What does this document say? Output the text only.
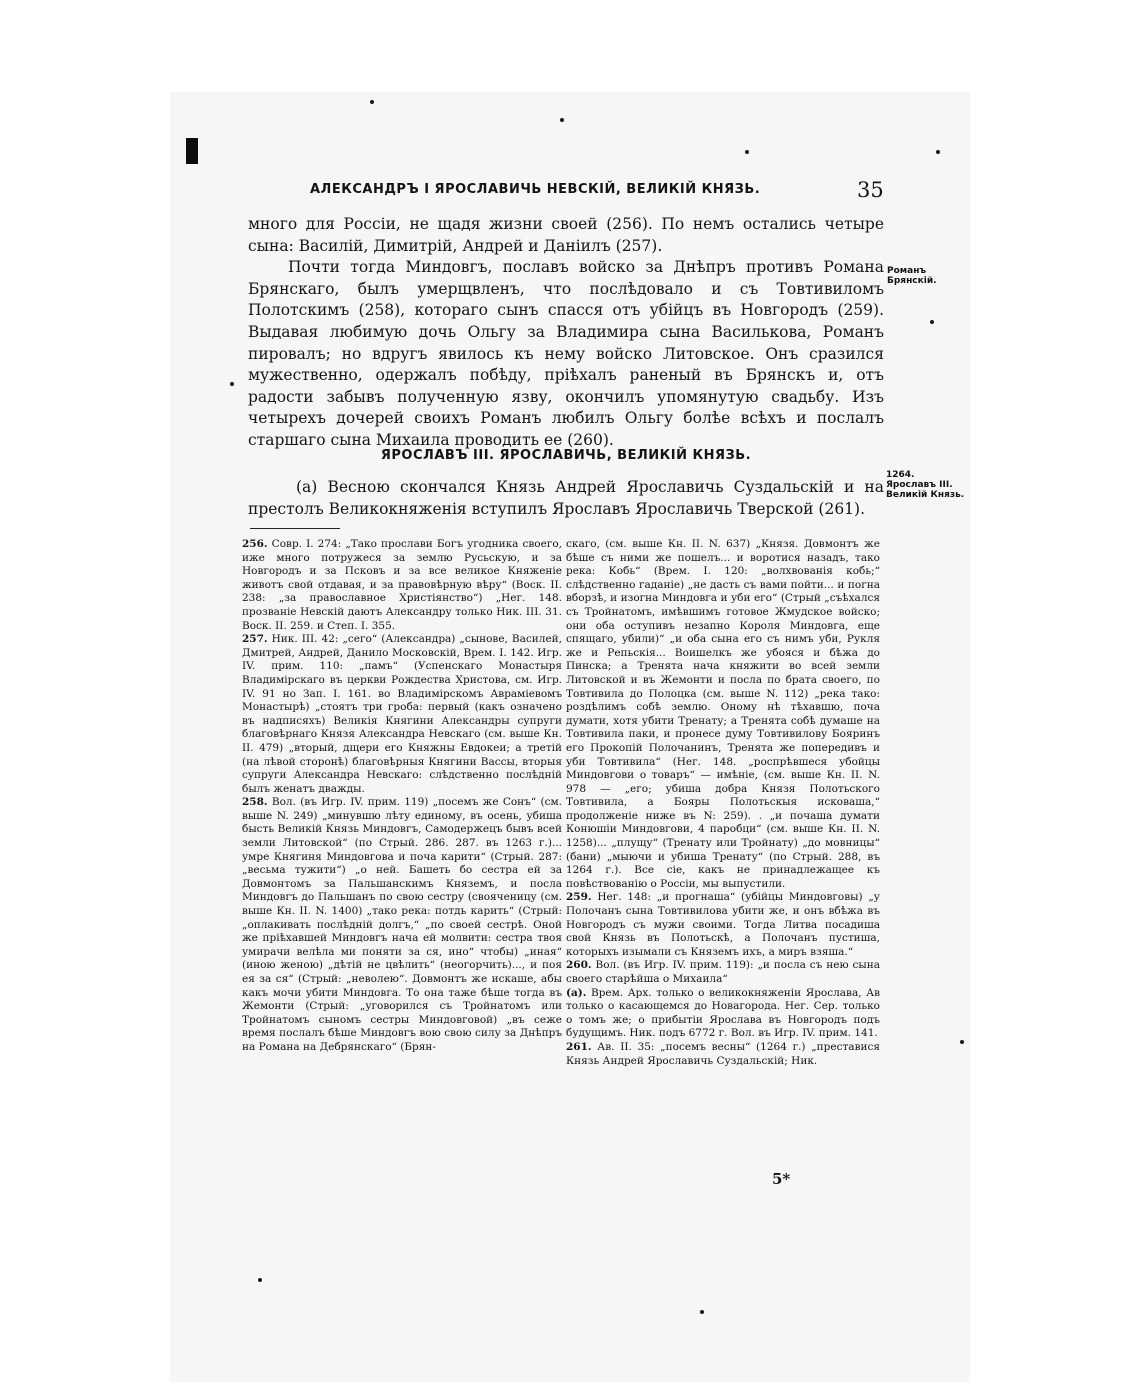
АЛЕКСАНДРЪ I ЯРОСЛАВИЧЬ НЕВСКІЙ, ВЕЛИКІЙ КНЯЗЬ.	35

много для Россіи, не щадя жизни своей (256). По немъ остались четыре сына: Василій, Димитрій, Андрей и Даніилъ (257).

Почти тогда Миндовгъ, пославъ войско за Днѣпръ противъ Романа Брянскаго, былъ умерщвленъ, что послѣдовало и съ Товтивиломъ Полотскимъ (258), котораго сынъ спасся отъ убійцъ въ Новгородъ (259). Выдавая любимую дочь Ольгу за Владимира сына Василькова, Романъ пировалъ; но вдругъ явилось къ нему войско Литовское. Онъ сразился мужественно, одержалъ побѣду, пріѣхалъ раненый въ Брянскъ и, отъ радости забывъ полученную язву, окончилъ упомянутую свадьбу. Изъ четырехъ дочерей своихъ Романъ любилъ Ольгу болѣе всѣхъ и послалъ старшаго сына Михаила проводить ее (260).

Романъ Брянскій.
ЯРОСЛАВЪ III. ЯРОСЛАВИЧЬ, ВЕЛИКІЙ КНЯЗЬ.
1264.
Ярославъ III. Великій Князь.

(а) Весною скончался Князь Андрей Ярославичь Суздальскій и на престолъ Великокняженія вступилъ Ярославъ Ярославичь Тверской (261).

256. Совр. I. 274: „Тако прослави Богъ угодника своего, иже много потружеся за землю Русьскую, и за Новгородъ и за Псковъ и за все великое Княженіе животъ свой отдавая, и за правовѣрную вѣру“ (Воск. II. 238: „за православное Христіянство“) „Нег. 148. прозваніе Невскій даютъ Александру только Ник. III. 31. Воск. II. 259. и Степ. I. 355.

257. Ник. III. 42: „сего“ (Александра) „сынове, Василей, Дмитрей, Андрей, Данило Московскій, Врем. I. 142. Игр. IV. прим. 110: „памъ“ (Успенскаго Монастыря Владимірскаго въ церкви Рождества Христова, см. Игр. IV. 91 но Зап. I. 161. во Владимірскомъ Авраміевомъ Монастырѣ) „стоятъ три гроба: первый (какъ означено въ надписяхъ) Великія Княгини Александры супруги благовѣрнаго Князя Александра Невскаго (см. выше Кн. II. 479) „вторый, дщери его Княжны Евдокеи; а третій (на лѣвой сторонѣ) благовѣрныя Княгини Вассы, вторыя супруги Александра Невскаго: слѣдственно послѣдній былъ женатъ дважды.

258. Вол. (въ Игр. IV. прим. 119) „посемъ же Сонъ“ (см. выше N. 249) „минувшю лѣту единому, въ осень, убиша бысть Великій Князь Миндовгъ, Самодержецъ бывъ всей земли Литовской“ (по Стрый. 286. 287. въ 1263 г.)... умре Княгиня Миндовгова и поча карити“ (Стрый. 287: „весьма тужити“) „о ней. Башеть бо сестра ей за Довмонтомъ за Пальшанскимъ Княземъ, и посла Миндовгъ до Пальшанъ по свою сестру (свояченицу (см. выше Кн. II. N. 1400) „тако река: потдь карить“ (Стрый: „оплакивать послѣдній долгъ,“ „по своей сестрѣ. Оной же пріѣхавшей Миндовгъ нача ей молвити: сестра твоя умирачи велѣла ми поняти за ся, ино“ чтобы) „иная“ (иною женою) „дѣтій не цвѣлить“ (неогорчить)..., и поя ея за ся“ (Стрый: „неволею“. Довмонтъ же искаше, абы какъ мочи убити Миндовга. То она таже бѣше тогда въ Жемонти (Стрый: „уговорился съ Тройнатомъ или Тройнатомъ сыномъ сестры Миндовговой) „въ сеже время послалъ бѣше Миндовгъ вою свою силу за Днѣпръ на Романа на Дебрянскаго“ (Брян-

скаго, (см. выше Кн. II. N. 637) „Князя. Довмонтъ же бѣше съ ними же пошелъ... и воротися назадъ, тако река: Кобь“ (Врем. I. 120: „волхвованія кобь;“ слѣдственно гаданіе) „не дасть съ вами пойти... и погна вборзѣ, и изогна Миндовга и уби его“ (Стрый „съѣхался съ Тройнатомъ, имѣвшимъ готовое Жмудское войско; они оба оступивъ незапно Короля Миндовга, еще спящаго, убили)“ „и оба сына его съ нимъ уби, Рукля же и Репьскія... Воишелкъ же убояся и бѣжа до Пинска; а Тренята нача княжити во всей земли Литовской и въ Жемонти и посла по брата своего, по Товтивила до Полоцка (см. выше N. 112) „река тако: роздѣлимъ собѣ землю. Оному нѣ тѣхавшю, поча думати, хотя убити Тренату; а Тренята собѣ думаше на Товтивила паки, и пронесе думу Товтивилову Бояринъ его Прокопій Полочанинъ, Тренята же попередивъ и уби Товтивила“ (Нег. 148. „роспрѣвшеся убойцы Миндовгови о товаръ“ — имѣніе, (см. выше Кн. II. N. 978 — „его; убиша добра Князя Полотьского Товтивила, а Бояры Полотьскыя исковаша,“ продолженіе ниже въ N: 259). . „и почаша думати Конюшіи Миндовгови, 4 паробци“ (см. выше Кн. II. N. 1258)... „плущу“ (Тренату или Тройнату) „до мовницы“ (бани) „мыючи и убиша Тренату“ (по Стрый. 288, въ 1264 г.). Все сіе, какъ не принадлежащее къ повѣствованію о Россіи, мы выпустили.

259. Нег. 148: „и прогнаша“ (убійцы Миндовговы) „у Полочанъ сына Товтивилова убити же, и онъ вбѣжа въ Новгородъ съ мужи своими. Тогда Литва посадиша свой Князь въ Полотьскѣ, а Полочанъ пустиша, которыхъ изымали съ Княземъ ихъ, а миръ взяша.“

260. Вол. (въ Игр. IV. прим. 119): „и посла съ нею сына своего старѣйша о Михаила“

(а). Врем. Арх. только о великокняженіи Ярослава, Ав только о касающемся до Новагорода. Нег. Сер. только о томъ же; о прибытіи Ярослава въ Новгородъ подъ будущимъ. Ник. подъ 6772 г. Вол. въ Игр. IV. прим. 141.

261. Ав. II. 35: „посемъ весны“ (1264 г.) „преставися Князь Андрей Ярославичь Суздальскій; Ник.

5*
